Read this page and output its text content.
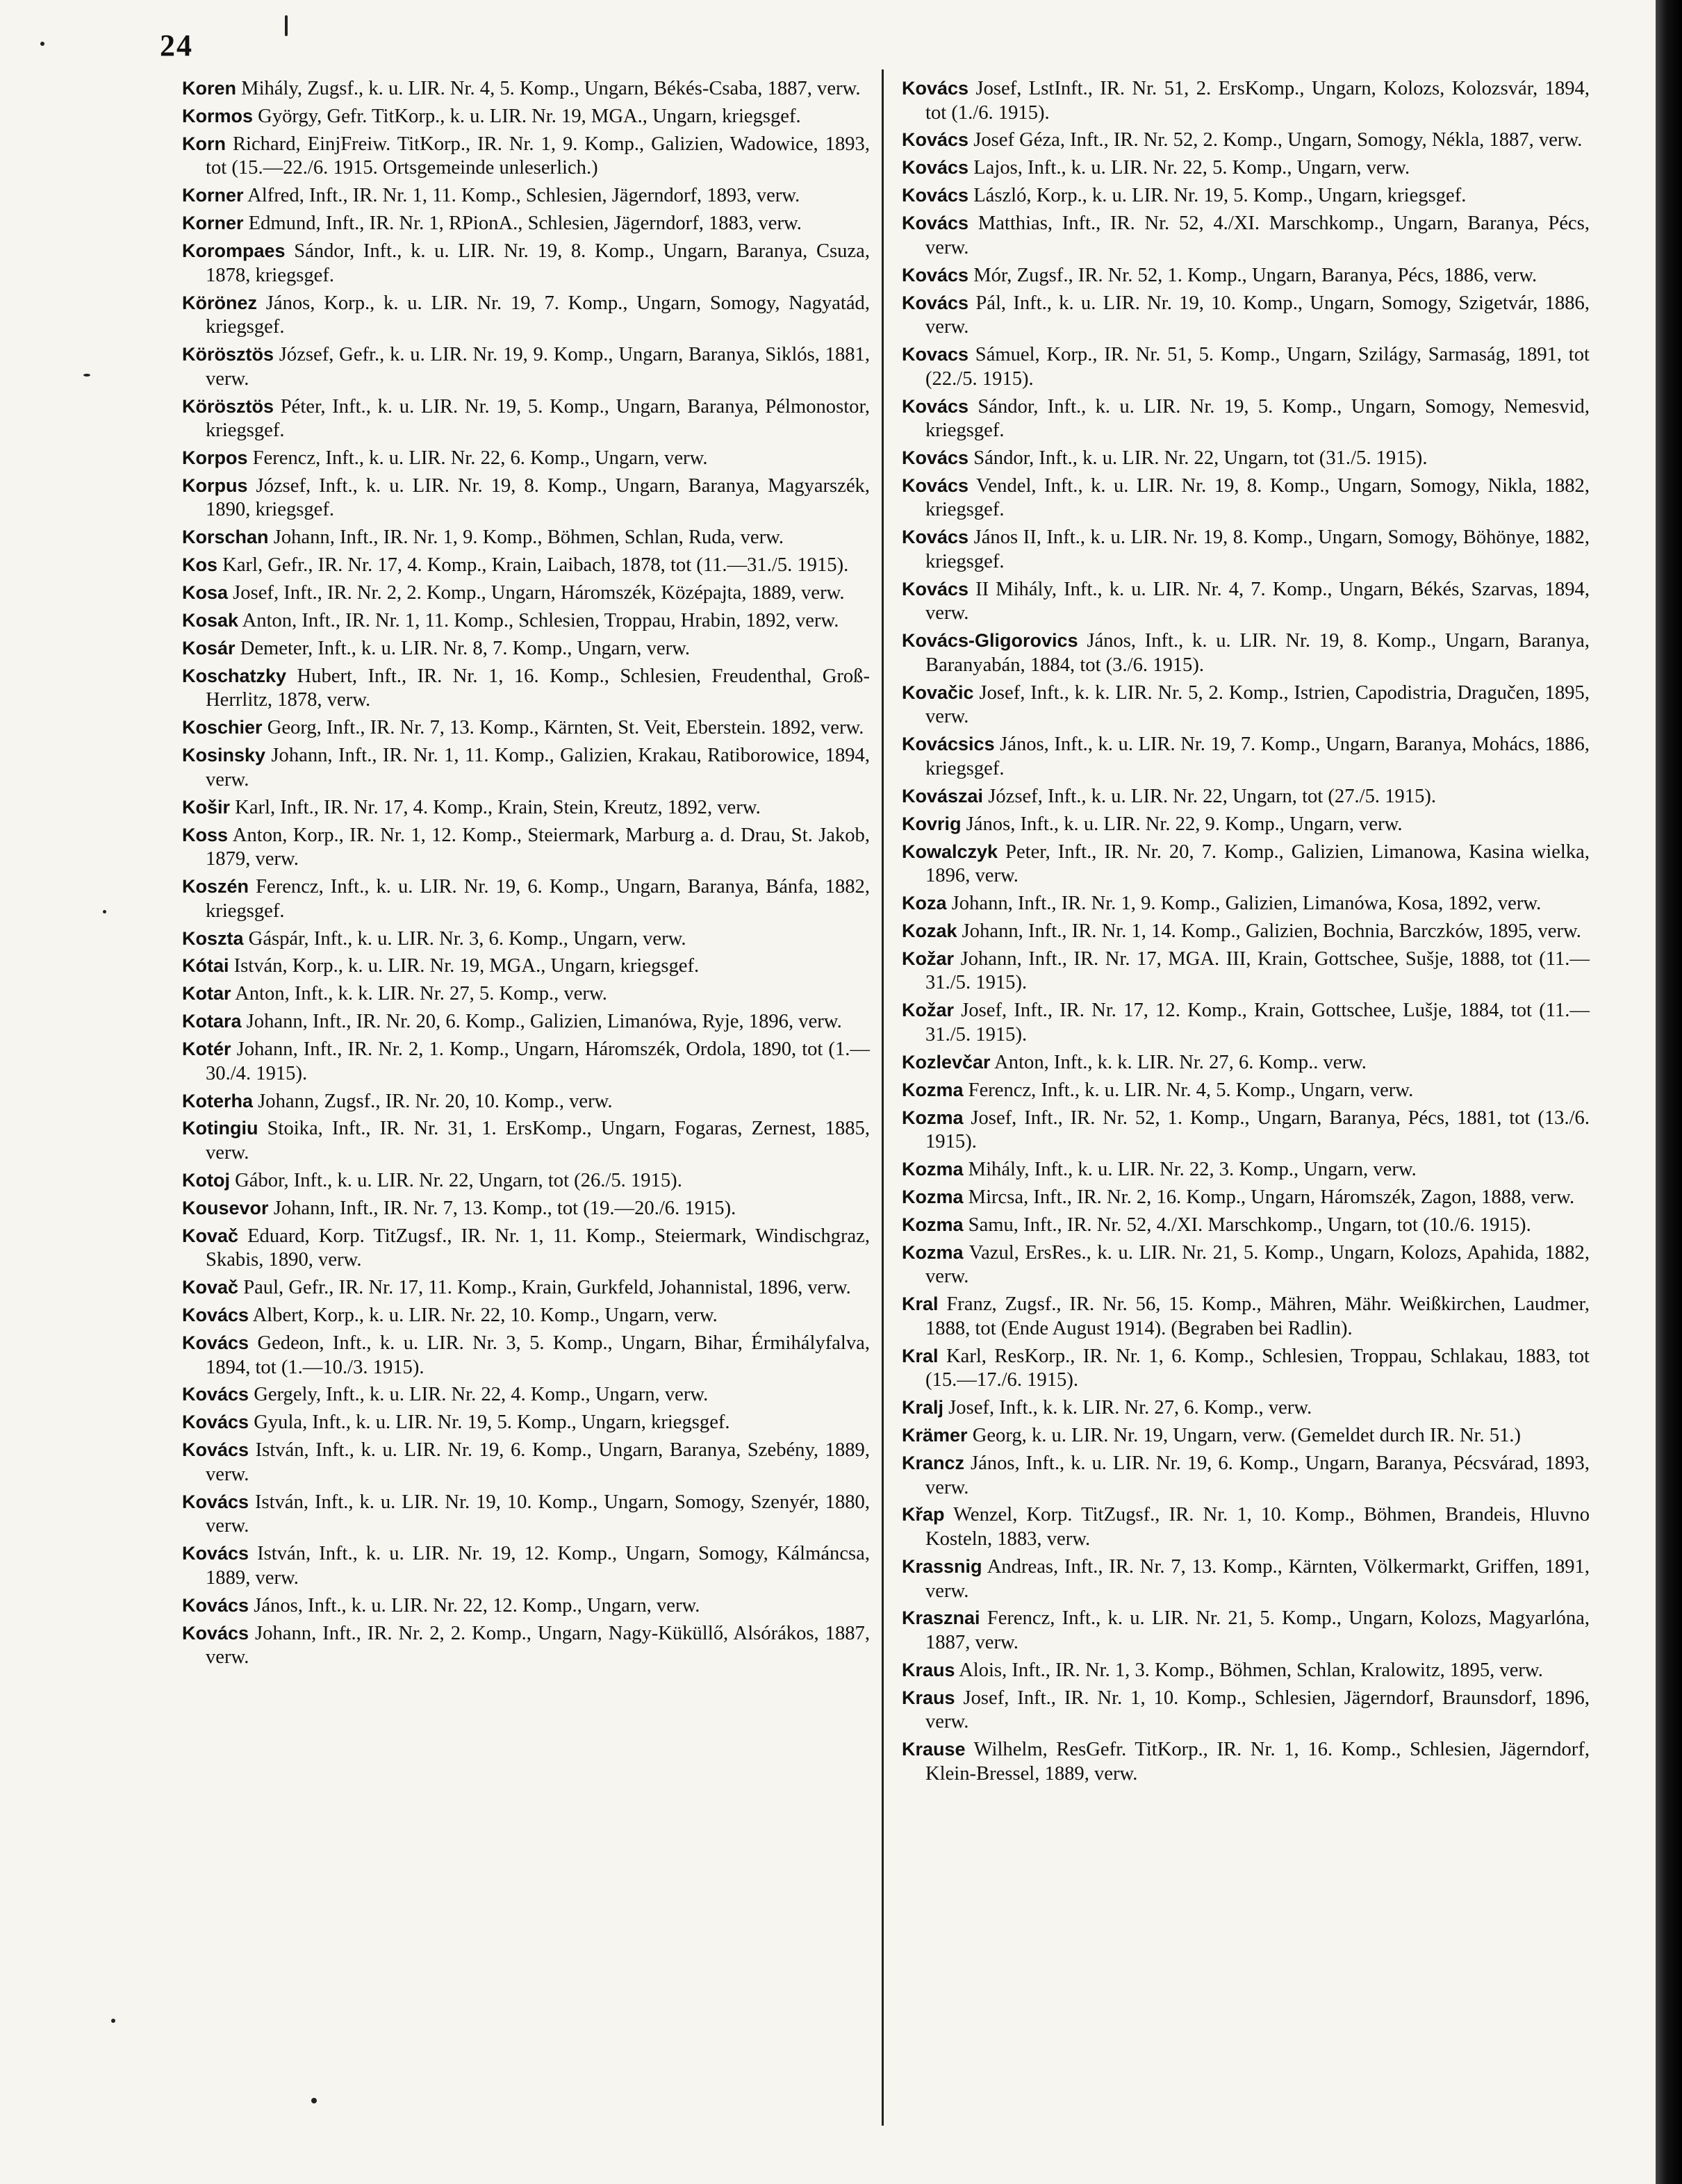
24

Koren Mihály, Zugsf., k. u. LIR. Nr. 4, 5. Komp., Ungarn, Békés-Csaba, 1887, verw.

Kormos György, Gefr. TitKorp., k. u. LIR. Nr. 19, MGA., Ungarn, kriegsgef.

Korn Richard, EinjFreiw. TitKorp., IR. Nr. 1, 9. Komp., Galizien, Wadowice, 1893, tot (15.—22./6. 1915. Ortsgemeinde unleserlich.)

Korner Alfred, Inft., IR. Nr. 1, 11. Komp., Schlesien, Jägerndorf, 1893, verw.

Korner Edmund, Inft., IR. Nr. 1, RPionA., Schlesien, Jägerndorf, 1883, verw.

Korompaes Sándor, Inft., k. u. LIR. Nr. 19, 8. Komp., Ungarn, Baranya, Csuza, 1878, kriegsgef.

Körönez János, Korp., k. u. LIR. Nr. 19, 7. Komp., Ungarn, Somogy, Nagyatád, kriegsgef.

Körösztös József, Gefr., k. u. LIR. Nr. 19, 9. Komp., Ungarn, Baranya, Siklós, 1881, verw.

Körösztös Péter, Inft., k. u. LIR. Nr. 19, 5. Komp., Ungarn, Baranya, Pélmonostor, kriegsgef.

Korpos Ferencz, Inft., k. u. LIR. Nr. 22, 6. Komp., Ungarn, verw.

Korpus József, Inft., k. u. LIR. Nr. 19, 8. Komp., Ungarn, Baranya, Magyarszék, 1890, kriegsgef.

Korschan Johann, Inft., IR. Nr. 1, 9. Komp., Böhmen, Schlan, Ruda, verw.

Kos Karl, Gefr., IR. Nr. 17, 4. Komp., Krain, Laibach, 1878, tot (11.—31./5. 1915).

Kosa Josef, Inft., IR. Nr. 2, 2. Komp., Ungarn, Háromszék, Középajta, 1889, verw.

Kosak Anton, Inft., IR. Nr. 1, 11. Komp., Schlesien, Troppau, Hrabin, 1892, verw.

Kosár Demeter, Inft., k. u. LIR. Nr. 8, 7. Komp., Ungarn, verw.

Koschatzky Hubert, Inft., IR. Nr. 1, 16. Komp., Schlesien, Freudenthal, Groß-Herrlitz, 1878, verw.

Koschier Georg, Inft., IR. Nr. 7, 13. Komp., Kärnten, St. Veit, Eberstein. 1892, verw.

Kosinsky Johann, Inft., IR. Nr. 1, 11. Komp., Galizien, Krakau, Ratiborowice, 1894, verw.

Košir Karl, Inft., IR. Nr. 17, 4. Komp., Krain, Stein, Kreutz, 1892, verw.

Koss Anton, Korp., IR. Nr. 1, 12. Komp., Steiermark, Marburg a. d. Drau, St. Jakob, 1879, verw.

Koszén Ferencz, Inft., k. u. LIR. Nr. 19, 6. Komp., Ungarn, Baranya, Bánfa, 1882, kriegsgef.

Koszta Gáspár, Inft., k. u. LIR. Nr. 3, 6. Komp., Ungarn, verw.

Kótai István, Korp., k. u. LIR. Nr. 19, MGA., Ungarn, kriegsgef.

Kotar Anton, Inft., k. k. LIR. Nr. 27, 5. Komp., verw.

Kotara Johann, Inft., IR. Nr. 20, 6. Komp., Galizien, Limanówa, Ryje, 1896, verw.

Kotér Johann, Inft., IR. Nr. 2, 1. Komp., Ungarn, Háromszék, Ordola, 1890, tot (1.—30./4. 1915).

Koterha Johann, Zugsf., IR. Nr. 20, 10. Komp., verw.

Kotingiu Stoika, Inft., IR. Nr. 31, 1. ErsKomp., Ungarn, Fogaras, Zernest, 1885, verw.

Kotoj Gábor, Inft., k. u. LIR. Nr. 22, Ungarn, tot (26./5. 1915).

Kousevor Johann, Inft., IR. Nr. 7, 13. Komp., tot (19.—20./6. 1915).

Kovač Eduard, Korp. TitZugsf., IR. Nr. 1, 11. Komp., Steiermark, Windischgraz, Skabis, 1890, verw.

Kovač Paul, Gefr., IR. Nr. 17, 11. Komp., Krain, Gurkfeld, Johannistal, 1896, verw.

Kovács Albert, Korp., k. u. LIR. Nr. 22, 10. Komp., Ungarn, verw.

Kovács Gedeon, Inft., k. u. LIR. Nr. 3, 5. Komp., Ungarn, Bihar, Érmihályfalva, 1894, tot (1.—10./3. 1915).

Kovács Gergely, Inft., k. u. LIR. Nr. 22, 4. Komp., Ungarn, verw.

Kovács Gyula, Inft., k. u. LIR. Nr. 19, 5. Komp., Ungarn, kriegsgef.

Kovács István, Inft., k. u. LIR. Nr. 19, 6. Komp., Ungarn, Baranya, Szebény, 1889, verw.

Kovács István, Inft., k. u. LIR. Nr. 19, 10. Komp., Ungarn, Somogy, Szenyér, 1880, verw.

Kovács István, Inft., k. u. LIR. Nr. 19, 12. Komp., Ungarn, Somogy, Kálmáncsa, 1889, verw.

Kovács János, Inft., k. u. LIR. Nr. 22, 12. Komp., Ungarn, verw.

Kovács Johann, Inft., IR. Nr. 2, 2. Komp., Ungarn, Nagy-Küküllő, Alsórákos, 1887, verw.

Kovács Josef, LstInft., IR. Nr. 51, 2. ErsKomp., Ungarn, Kolozs, Kolozsvár, 1894, tot (1./6. 1915).

Kovács Josef Géza, Inft., IR. Nr. 52, 2. Komp., Ungarn, Somogy, Nékla, 1887, verw.

Kovács Lajos, Inft., k. u. LIR. Nr. 22, 5. Komp., Ungarn, verw.

Kovács László, Korp., k. u. LIR. Nr. 19, 5. Komp., Ungarn, kriegsgef.

Kovács Matthias, Inft., IR. Nr. 52, 4./XI. Marschkomp., Ungarn, Baranya, Pécs, verw.

Kovács Mór, Zugsf., IR. Nr. 52, 1. Komp., Ungarn, Baranya, Pécs, 1886, verw.

Kovács Pál, Inft., k. u. LIR. Nr. 19, 10. Komp., Ungarn, Somogy, Szigetvár, 1886, verw.

Kovacs Sámuel, Korp., IR. Nr. 51, 5. Komp., Ungarn, Szilágy, Sarmaság, 1891, tot (22./5. 1915).

Kovács Sándor, Inft., k. u. LIR. Nr. 19, 5. Komp., Ungarn, Somogy, Nemesvid, kriegsgef.

Kovács Sándor, Inft., k. u. LIR. Nr. 22, Ungarn, tot (31./5. 1915).

Kovács Vendel, Inft., k. u. LIR. Nr. 19, 8. Komp., Ungarn, Somogy, Nikla, 1882, kriegsgef.

Kovács János II, Inft., k. u. LIR. Nr. 19, 8. Komp., Ungarn, Somogy, Böhönye, 1882, kriegsgef.

Kovács II Mihály, Inft., k. u. LIR. Nr. 4, 7. Komp., Ungarn, Békés, Szarvas, 1894, verw.

Kovács-Gligorovics János, Inft., k. u. LIR. Nr. 19, 8. Komp., Ungarn, Baranya, Baranyabán, 1884, tot (3./6. 1915).

Kovačic Josef, Inft., k. k. LIR. Nr. 5, 2. Komp., Istrien, Capodistria, Dragučen, 1895, verw.

Kovácsics János, Inft., k. u. LIR. Nr. 19, 7. Komp., Ungarn, Baranya, Mohács, 1886, kriegsgef.

Kovászai József, Inft., k. u. LIR. Nr. 22, Ungarn, tot (27./5. 1915).

Kovrig János, Inft., k. u. LIR. Nr. 22, 9. Komp., Ungarn, verw.

Kowalczyk Peter, Inft., IR. Nr. 20, 7. Komp., Galizien, Limanowa, Kasina wielka, 1896, verw.

Koza Johann, Inft., IR. Nr. 1, 9. Komp., Galizien, Limanówa, Kosa, 1892, verw.

Kozak Johann, Inft., IR. Nr. 1, 14. Komp., Galizien, Bochnia, Barczków, 1895, verw.

Kožar Johann, Inft., IR. Nr. 17, MGA. III, Krain, Gottschee, Sušje, 1888, tot (11.—31./5. 1915).

Kožar Josef, Inft., IR. Nr. 17, 12. Komp., Krain, Gottschee, Lušje, 1884, tot (11.—31./5. 1915).

Kozlevčar Anton, Inft., k. k. LIR. Nr. 27, 6. Komp.. verw.

Kozma Ferencz, Inft., k. u. LIR. Nr. 4, 5. Komp., Ungarn, verw.

Kozma Josef, Inft., IR. Nr. 52, 1. Komp., Ungarn, Baranya, Pécs, 1881, tot (13./6. 1915).

Kozma Mihály, Inft., k. u. LIR. Nr. 22, 3. Komp., Ungarn, verw.

Kozma Mircsa, Inft., IR. Nr. 2, 16. Komp., Ungarn, Háromszék, Zagon, 1888, verw.

Kozma Samu, Inft., IR. Nr. 52, 4./XI. Marschkomp., Ungarn, tot (10./6. 1915).

Kozma Vazul, ErsRes., k. u. LIR. Nr. 21, 5. Komp., Ungarn, Kolozs, Apahida, 1882, verw.

Kral Franz, Zugsf., IR. Nr. 56, 15. Komp., Mähren, Mähr. Weißkirchen, Laudmer, 1888, tot (Ende August 1914). (Begraben bei Radlin).

Kral Karl, ResKorp., IR. Nr. 1, 6. Komp., Schlesien, Troppau, Schlakau, 1883, tot (15.—17./6. 1915).

Kralj Josef, Inft., k. k. LIR. Nr. 27, 6. Komp., verw.

Krämer Georg, k. u. LIR. Nr. 19, Ungarn, verw. (Gemeldet durch IR. Nr. 51.)

Krancz János, Inft., k. u. LIR. Nr. 19, 6. Komp., Ungarn, Baranya, Pécsvárad, 1893, verw.

Křap Wenzel, Korp. TitZugsf., IR. Nr. 1, 10. Komp., Böhmen, Brandeis, Hluvno Kosteln, 1883, verw.

Krassnig Andreas, Inft., IR. Nr. 7, 13. Komp., Kärnten, Völkermarkt, Griffen, 1891, verw.

Krasznai Ferencz, Inft., k. u. LIR. Nr. 21, 5. Komp., Ungarn, Kolozs, Magyarlóna, 1887, verw.

Kraus Alois, Inft., IR. Nr. 1, 3. Komp., Böhmen, Schlan, Kralowitz, 1895, verw.

Kraus Josef, Inft., IR. Nr. 1, 10. Komp., Schlesien, Jägerndorf, Braunsdorf, 1896, verw.

Krause Wilhelm, ResGefr. TitKorp., IR. Nr. 1, 16. Komp., Schlesien, Jägerndorf, Klein-Bressel, 1889, verw.
